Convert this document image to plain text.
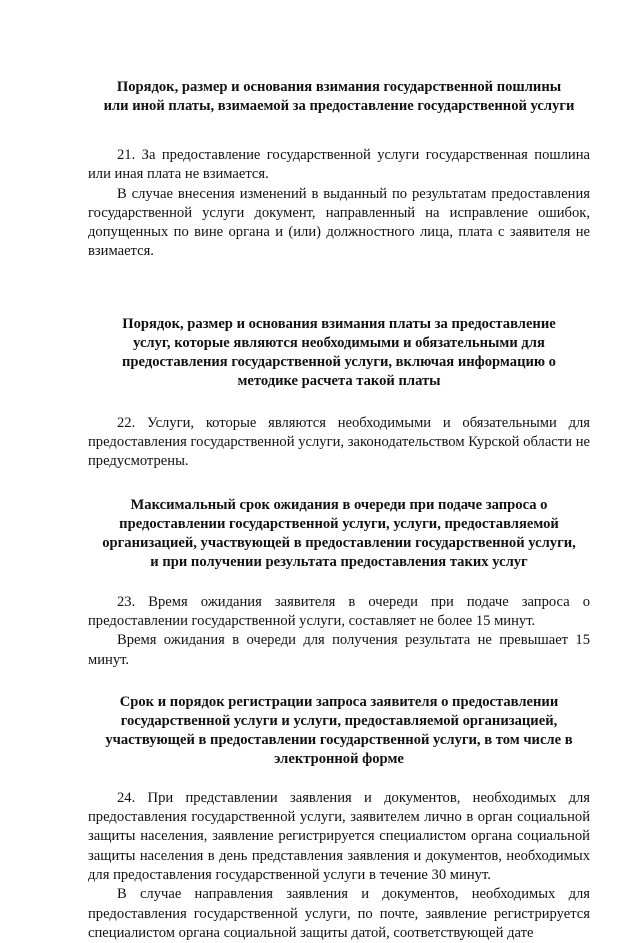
Порядок, размер и основания взимания государственной пошлины
или иной платы, взимаемой за предоставление государственной услуги

21. За предоставление государственной услуги государственная пошлина или иная плата не взимается.

В случае внесения изменений в выданный по результатам предоставления государственной услуги документ, направленный на исправление ошибок, допущенных по вине органа и (или) должностного лица, плата с заявителя не взимается.

Порядок, размер и основания взимания платы за предоставление
услуг, которые являются необходимыми и обязательными для
предоставления государственной услуги, включая информацию о
методике расчета такой платы

22. Услуги, которые являются необходимыми и обязательными для предоставления государственной услуги, законодательством Курской области не предусмотрены.

Максимальный срок ожидания в очереди при подаче запроса о
предоставлении государственной услуги, услуги, предоставляемой
организацией, участвующей в предоставлении государственной услуги,
и при получении результата предоставления таких услуг

23. Время ожидания заявителя в очереди при подаче запроса о предоставлении государственной услуги, составляет не более 15 минут.

Время ожидания в очереди для получения результата не превышает 15 минут.

Срок и порядок регистрации запроса заявителя о предоставлении
государственной услуги и услуги, предоставляемой организацией,
участвующей в предоставлении государственной услуги, в том числе в
электронной форме

24. При представлении заявления и документов, необходимых для предоставления государственной услуги, заявителем лично в орган социальной защиты населения, заявление регистрируется специалистом органа социальной защиты населения в день представления заявления и документов, необходимых для предоставления государственной услуги в течение 30 минут.

В случае направления заявления и документов, необходимых для предоставления государственной услуги, по почте, заявление регистрируется специалистом органа социальной защиты датой, соответствующей дате
